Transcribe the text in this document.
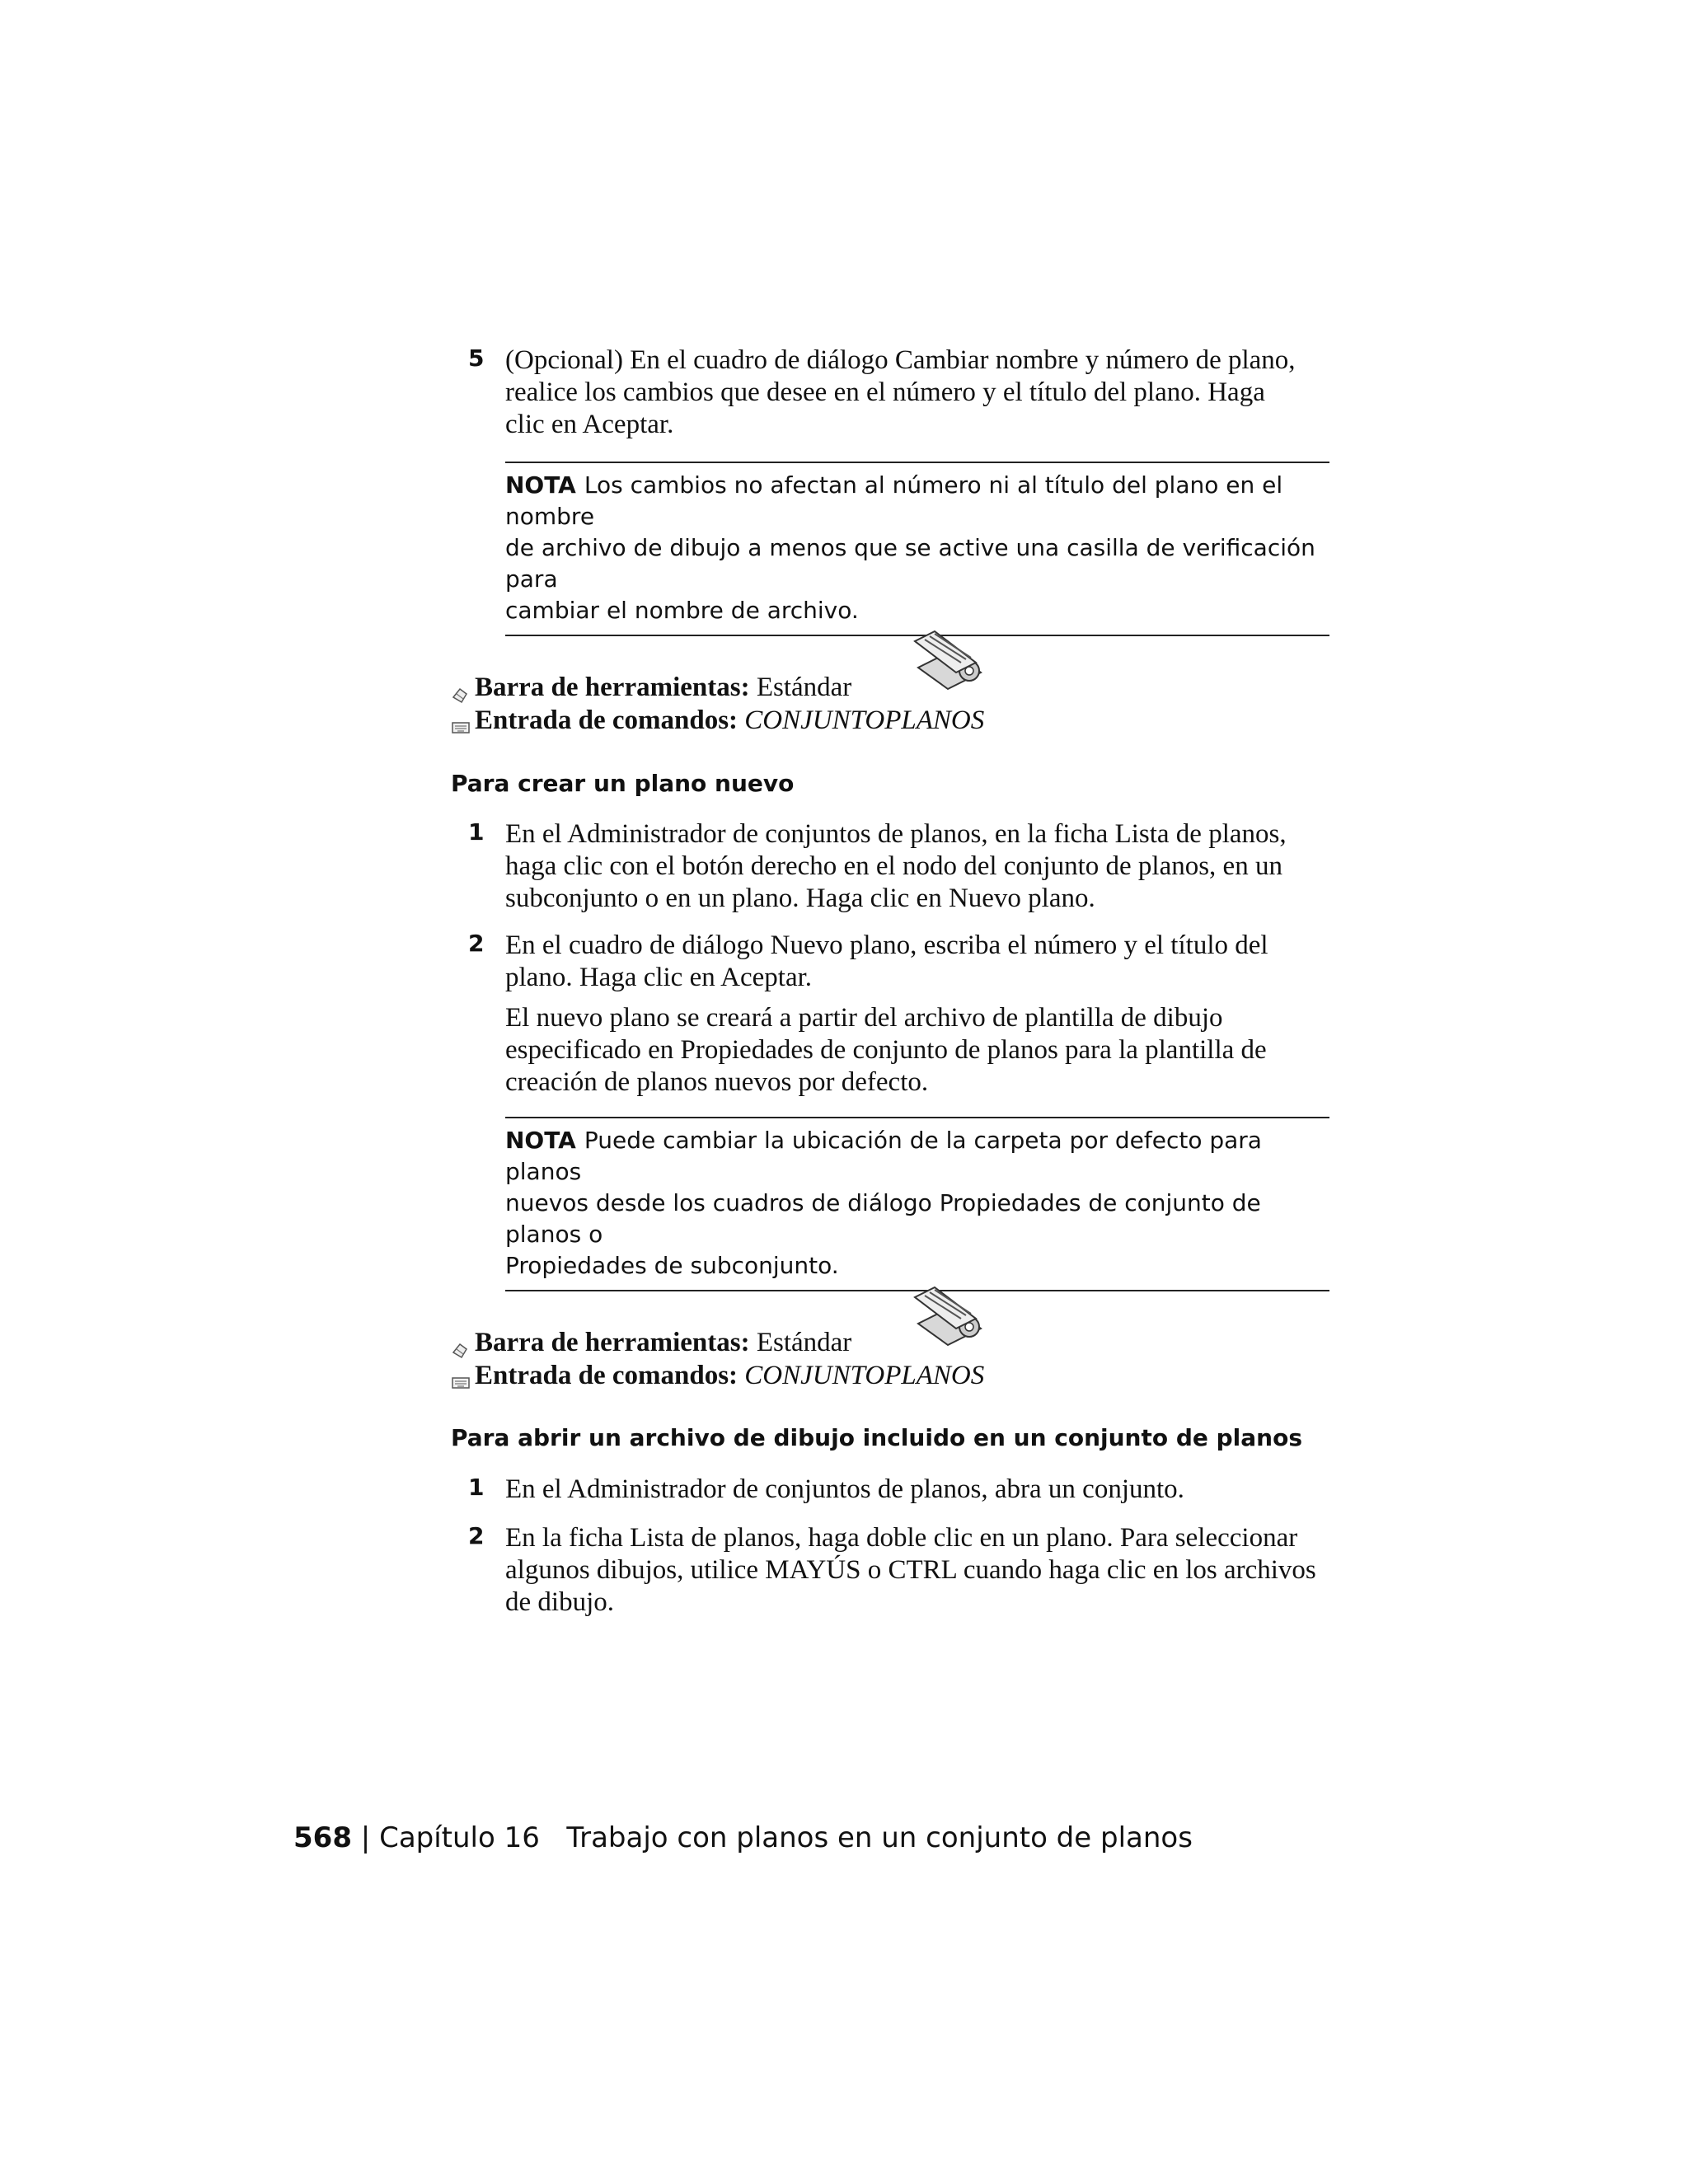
5 (Opcional) En el cuadro de diálogo Cambiar nombre y número de plano,
realice los cambios que desee en el número y el título del plano. Haga
clic en Aceptar.
NOTA Los cambios no afectan al número ni al título del plano en el nombre
de archivo de dibujo a menos que se active una casilla de verificación para
cambiar el nombre de archivo.
Barra de herramientas: Estándar
Entrada de comandos: CONJUNTOPLANOS
Para crear un plano nuevo
1 En el Administrador de conjuntos de planos, en la ficha Lista de planos,
haga clic con el botón derecho en el nodo del conjunto de planos, en un
subconjunto o en un plano. Haga clic en Nuevo plano.
2 En el cuadro de diálogo Nuevo plano, escriba el número y el título del
plano. Haga clic en Aceptar.
El nuevo plano se creará a partir del archivo de plantilla de dibujo
especificado en Propiedades de conjunto de planos para la plantilla de
creación de planos nuevos por defecto.
NOTA Puede cambiar la ubicación de la carpeta por defecto para planos
nuevos desde los cuadros de diálogo Propiedades de conjunto de planos o
Propiedades de subconjunto.
Barra de herramientas: Estándar
Entrada de comandos: CONJUNTOPLANOS
Para abrir un archivo de dibujo incluido en un conjunto de planos
1 En el Administrador de conjuntos de planos, abra un conjunto.
2 En la ficha Lista de planos, haga doble clic en un plano. Para seleccionar
algunos dibujos, utilice MAYÚS o CTRL cuando haga clic en los archivos
de dibujo.
568 | Capítulo 16 Trabajo con planos en un conjunto de planos
